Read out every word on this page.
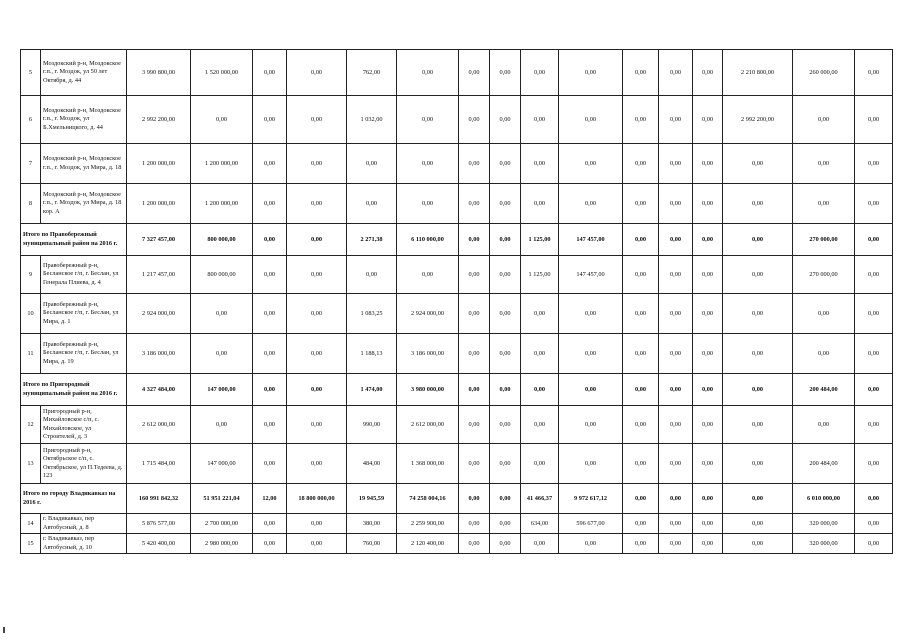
5	Моздокский р-н, Моздокское г.п., г. Моздок, ул 50 лет Октября, д. 44	3 990 800,00	1 520 000,00	0,00	0,00	762,00	0,00	0,00	0,00	0,00	0,00	0,00	0,00	0,00	2 210 800,00	260 000,00	0,00
6	Моздокский р-н, Моздокское г.п., г. Моздок, ул Б.Хмельницкого, д. 44	2 992 200,00	0,00	0,00	0,00	1 032,00	0,00	0,00	0,00	0,00	0,00	0,00	0,00	0,00	2 992 200,00	0,00	0,00
7	Моздокский р-н, Моздокское г.п., г. Моздок, ул Мира, д. 18	1 200 000,00	1 200 000,00	0,00	0,00	0,00	0,00	0,00	0,00	0,00	0,00	0,00	0,00	0,00	0,00	0,00	0,00
8	Моздокский р-н, Моздокское г.п., г. Моздок, ул Мира, д. 18 кор. А	1 200 000,00	1 200 000,00	0,00	0,00	0,00	0,00	0,00	0,00	0,00	0,00	0,00	0,00	0,00	0,00	0,00	0,00
Итого по Правобережный муниципальный район на 2016 г.		7 327 457,00	800 000,00	0,00	0,00	2 271,38	6 110 000,00	0,00	0,00	1 125,00	147 457,00	0,00	0,00	0,00	0,00	270 000,00	0,00
9	Правобережный р-н, Бесланское г/п, г. Беслан, ул Генерала Плиева, д. 4	1 217 457,00	800 000,00	0,00	0,00	0,00	0,00	0,00	0,00	1 125,00	147 457,00	0,00	0,00	0,00	0,00	270 000,00	0,00
10	Правобережный р-н, Бесланское г/п, г. Беслан, ул Мира, д. 1	2 924 000,00	0,00	0,00	0,00	1 083,25	2 924 000,00	0,00	0,00	0,00	0,00	0,00	0,00	0,00	0,00	0,00	0,00
11	Правобережный р-н, Бесланское г/п, г. Беслан, ул Мира, д. 19	3 186 000,00	0,00	0,00	0,00	1 188,13	3 186 000,00	0,00	0,00	0,00	0,00	0,00	0,00	0,00	0,00	0,00	0,00
Итого по Пригородный муниципальный район на 2016 г.		4 327 484,00	147 000,00	0,00	0,00	1 474,00	3 980 000,00	0,00	0,00	0,00	0,00	0,00	0,00	0,00	0,00	200 484,00	0,00
12	Пригородный р-н, Михайловское с/п, с. Михайловское, ул Строителей, д. 3	2 612 000,00	0,00	0,00	0,00	990,00	2 612 000,00	0,00	0,00	0,00	0,00	0,00	0,00	0,00	0,00	0,00	0,00
13	Пригородный р-н, Октябрьское с/п, с. Октябрьское, ул П.Тедеева, д. 123	1 715 484,00	147 000,00	0,00	0,00	484,00	1 368 000,00	0,00	0,00	0,00	0,00	0,00	0,00	0,00	0,00	200 484,00	0,00
Итого по городу Владикавказ на 2016 г.		160 991 842,32	51 951 221,04	12,00	18 800 000,00	19 945,59	74 258 004,16	0,00	0,00	41 466,37	9 972 617,12	0,00	0,00	0,00	0,00	6 010 000,00	0,00
14	г. Владикавказ, пер Автобусный, д. 8	5 876 577,00	2 700 000,00	0,00	0,00	380,00	2 259 900,00	0,00	0,00	634,00	596 677,00	0,00	0,00	0,00	0,00	320 000,00	0,00
15	г. Владикавказ, пер Автобусный, д. 10	5 420 400,00	2 980 000,00	0,00	0,00	760,00	2 120 400,00	0,00	0,00	0,00	0,00	0,00	0,00	0,00	0,00	320 000,00	0,00
